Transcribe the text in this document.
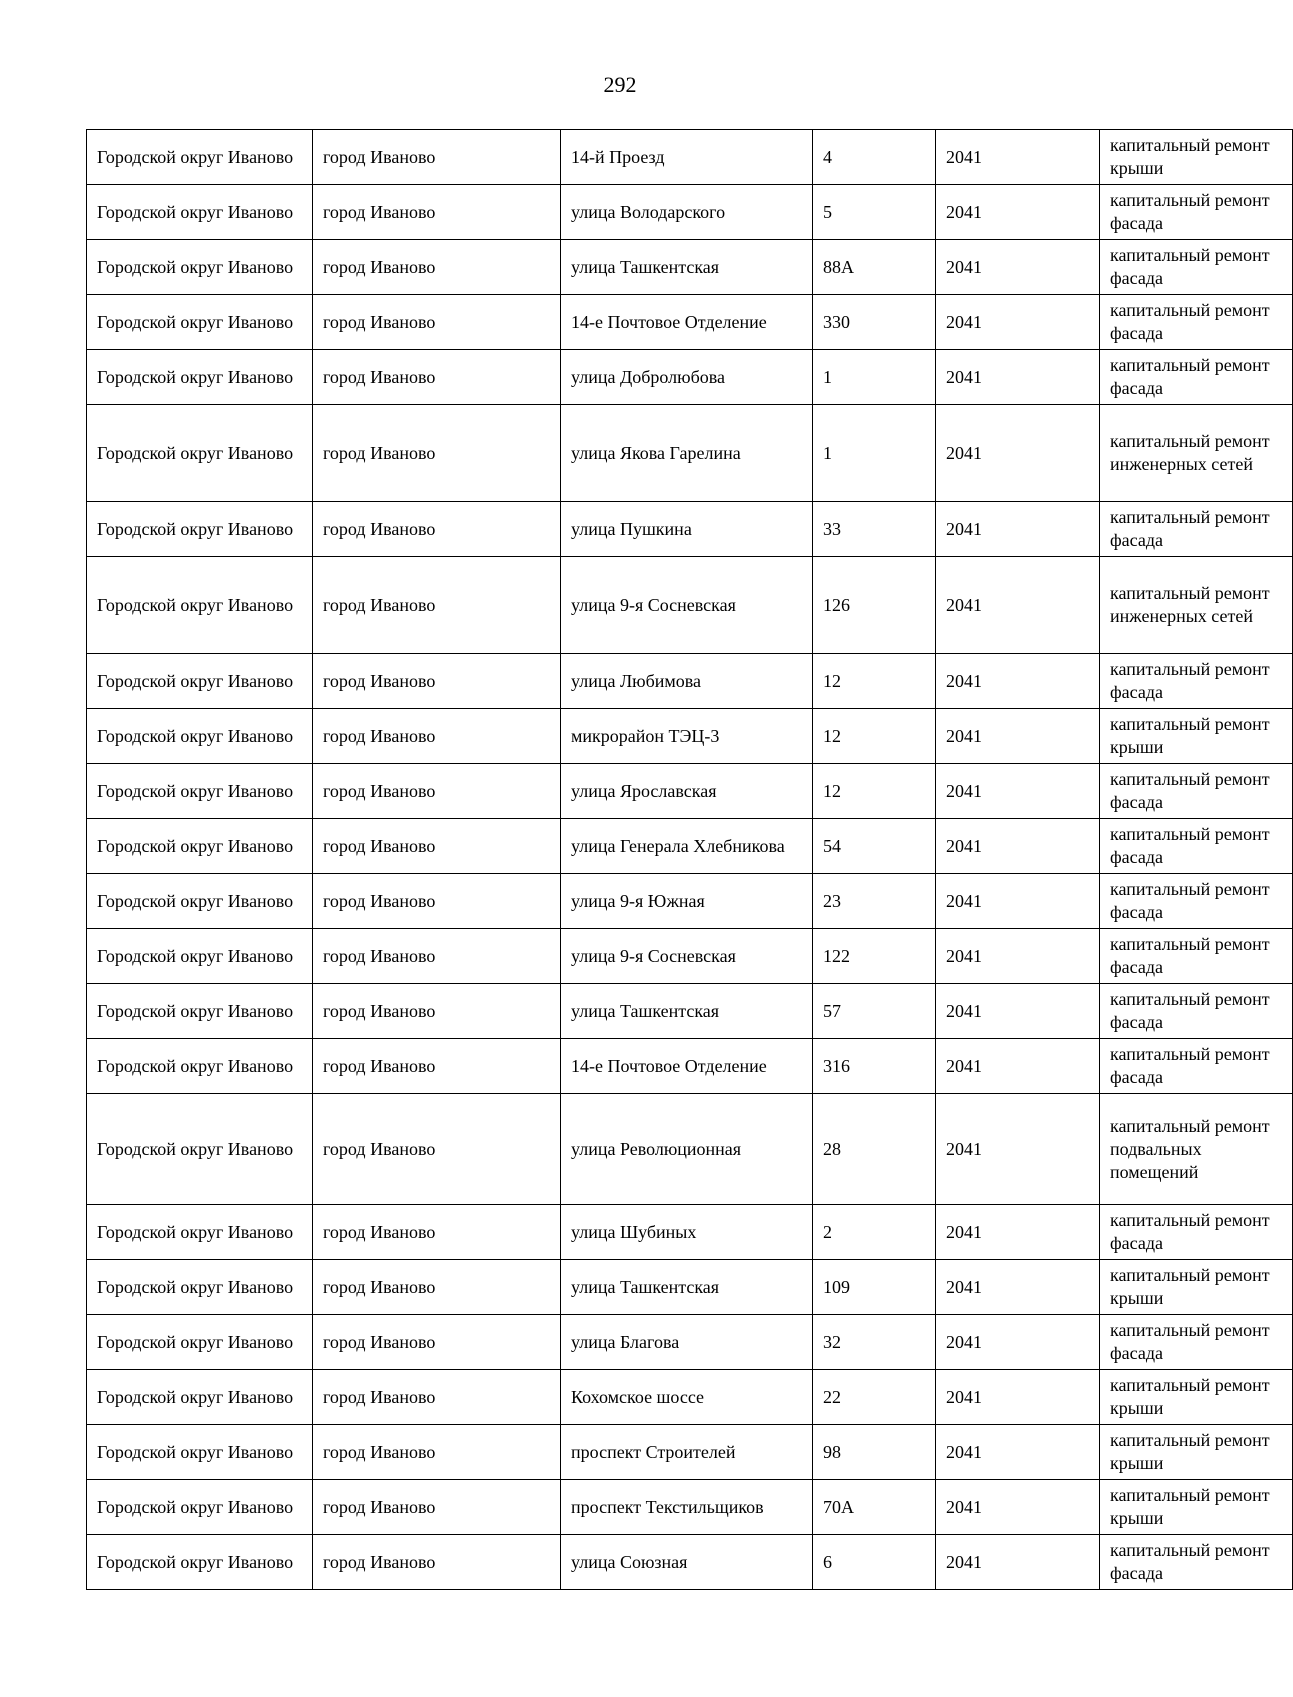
292
Городской округ Иваново	город Иваново	14-й Проезд	4	2041	капитальный ремонт крыши
Городской округ Иваново	город Иваново	улица Володарского	5	2041	капитальный ремонт фасада
Городской округ Иваново	город Иваново	улица Ташкентская	88А	2041	капитальный ремонт фасада
Городской округ Иваново	город Иваново	14-е Почтовое Отделение	330	2041	капитальный ремонт фасада
Городской округ Иваново	город Иваново	улица Добролюбова	1	2041	капитальный ремонт фасада
Городской округ Иваново	город Иваново	улица Якова Гарелина	1	2041	капитальный ремонт инженерных сетей
Городской округ Иваново	город Иваново	улица Пушкина	33	2041	капитальный ремонт фасада
Городской округ Иваново	город Иваново	улица 9-я Сосневская	126	2041	капитальный ремонт инженерных сетей
Городской округ Иваново	город Иваново	улица Любимова	12	2041	капитальный ремонт фасада
Городской округ Иваново	город Иваново	микрорайон ТЭЦ-3	12	2041	капитальный ремонт крыши
Городской округ Иваново	город Иваново	улица Ярославская	12	2041	капитальный ремонт фасада
Городской округ Иваново	город Иваново	улица Генерала Хлебникова	54	2041	капитальный ремонт фасада
Городской округ Иваново	город Иваново	улица 9-я Южная	23	2041	капитальный ремонт фасада
Городской округ Иваново	город Иваново	улица 9-я Сосневская	122	2041	капитальный ремонт фасада
Городской округ Иваново	город Иваново	улица Ташкентская	57	2041	капитальный ремонт фасада
Городской округ Иваново	город Иваново	14-е Почтовое Отделение	316	2041	капитальный ремонт фасада
Городской округ Иваново	город Иваново	улица Революционная	28	2041	капитальный ремонт подвальных помещений
Городской округ Иваново	город Иваново	улица Шубиных	2	2041	капитальный ремонт фасада
Городской округ Иваново	город Иваново	улица Ташкентская	109	2041	капитальный ремонт крыши
Городской округ Иваново	город Иваново	улица Благова	32	2041	капитальный ремонт фасада
Городской округ Иваново	город Иваново	Кохомское шоссе	22	2041	капитальный ремонт крыши
Городской округ Иваново	город Иваново	проспект Строителей	98	2041	капитальный ремонт крыши
Городской округ Иваново	город Иваново	проспект Текстильщиков	70А	2041	капитальный ремонт крыши
Городской округ Иваново	город Иваново	улица Союзная	6	2041	капитальный ремонт фасада
